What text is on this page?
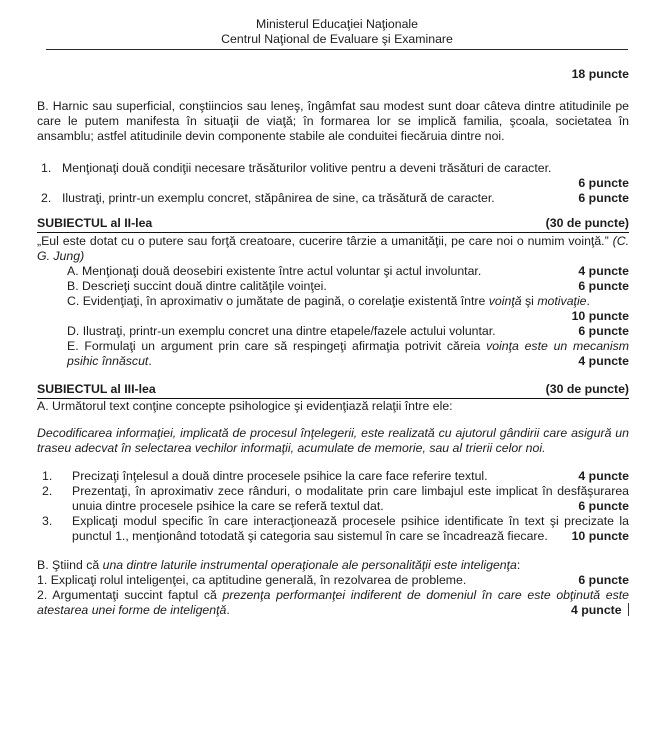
Ministerul Educaţiei Naţionale
Centrul Naţional de Evaluare şi Examinare
18 puncte

B. Harnic sau superficial, conştiincios sau leneş, îngâmfat sau modest sunt doar câteva dintre atitudinile pe care le putem manifesta în situaţii de viaţă; în formarea lor se implică familia, şcoala, societatea în ansamblu; astfel atitudinile devin componente stabile ale conduitei fiecăruia dintre noi.

1. Menţionaţi două condiţii necesare trăsăturilor volitive pentru a deveni trăsături de caracter.
6 puncte
2. Ilustraţi, printr-un exemplu concret, stăpânirea de sine, ca trăsătură de caracter.	6 puncte
SUBIECTUL al II-lea	(30 de puncte)

„Eul este dotat cu o putere sau forţă creatoare, cucerire târzie a umanităţii, pe care noi o numim voinţă.” (C. G. Jung)

A. Menţionaţi două deosebiri existente între actul voluntar şi actul involuntar.	4 puncte
B. Descrieţi succint două dintre calităţile voinţei.	6 puncte
C. Evidenţiaţi, în aproximativ o jumătate de pagină, o corelaţie existentă între voinţă şi motivaţie.
10 puncte
D. Ilustraţi, printr-un exemplu concret una dintre etapele/fazele actului voluntar.	6 puncte
E. Formulaţi un argument prin care să respingeţi afirmaţia potrivit căreia voinţa este un mecanism psihic înnăscut.	4 puncte
SUBIECTUL al III-lea	(30 de puncte)

A. Următorul text conţine concepte psihologice şi evidenţiază relaţii între ele:

Decodificarea informaţiei, implicată de procesul înţelegerii, este realizată cu ajutorul gândirii care asigură un traseu adecvat în selectarea vechilor informaţii, acumulate de memorie, sau al trierii celor noi.

1. Precizaţi înţelesul a două dintre procesele psihice la care face referire textul.	4 puncte
2. Prezentaţi, în aproximativ zece rânduri, o modalitate prin care limbajul este implicat în desfăşurarea unuia dintre procesele psihice la care se referă textul dat.	6 puncte
3. Explicaţi modul specific în care interacţionează procesele psihice identificate în text şi precizate la punctul 1., menţionând totodată şi categoria sau sistemul în care se încadrează fiecare.	10 puncte

B. Ştiind că una dintre laturile instrumental operaţionale ale personalităţii este inteligenţa:

1. Explicaţi rolul inteligenţei, ca aptitudine generală, în rezolvarea de probleme.	6 puncte
2. Argumentaţi succint faptul că prezenţa performanţei indiferent de domeniul în care este obţinută este atestarea unei forme de inteligenţă.	4 puncte
